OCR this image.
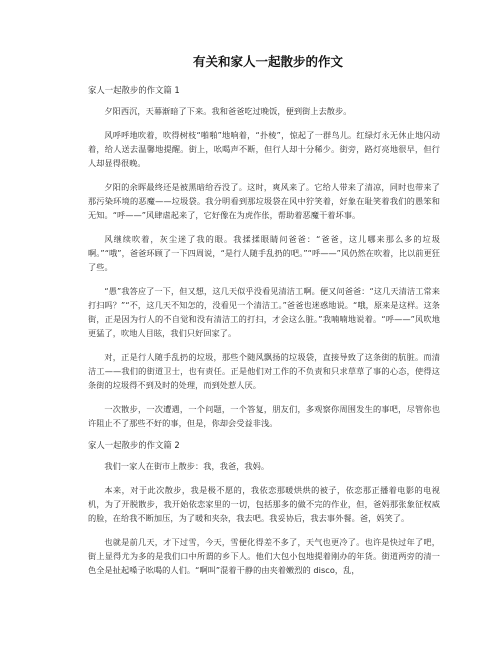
有关和家人一起散步的作文
家人一起散步的作文篇 1

夕阳西沉，天幕渐暗了下来。我和爸爸吃过晚饭，便到街上去散步。

风呼呼地吹着，吹得树枝“啪啪”地响着，“扑棱”，惊起了一群鸟儿。红绿灯永无休止地闪动着，给人送去温馨地提醒。街上，吆喝声不断，但行人却十分稀少。街旁，路灯亮地很早，但行人却显得很晚。

夕阳的余晖最终还是被黑暗给吞没了。这时，爽风来了。它给人带来了清凉，同时也带来了那污染环境的恶魔——垃圾袋。我分明看到那垃圾袋在风中狞笑着，好象在耻笑着我们的愚笨和无知。“呼——”风肆虐起来了，它好像在为虎作伥，帮助着恶魔干着坏事。

风继续吹着，灰尘迷了我的眼。我揉揉眼睛问爸爸：“爸爸，这儿哪来那么多的垃圾啊。”“哦”，爸爸环顾了一下四周说，“是行人随手乱扔的吧。”“呼——”风仍然在吹着，比以前更狂了些。

“愚”我答应了一下，但又想，这几天似乎没看见清洁工啊。便又问爸爸：“这几天清洁工常来打扫吗？”“不，这几天不知怎的，没看见一个清洁工。”爸爸也迷惑地说。“哦，原来是这样。这条街，正是因为行人的不自觉和没有清洁工的打扫，才会这么脏。”我喃喃地说着。“呼——”风吹地更猛了，吹地人目眩，我们只好回家了。

对，正是行人随手乱扔的垃圾，那些个随风飘扬的垃圾袋，直接导致了这条街的肮脏。而清洁工——我们的街道卫士，也有责任。正是他们对工作的不负责和只求草草了事的心态，使得这条街的垃圾得不到及时的处理，而到处惹人厌。

一次散步，一次遭遇，一个问题，一个答复，朋友们，多观察你周围发生的事吧，尽管你也许阻止不了那些不好的事，但是，你却会受益非浅。

家人一起散步的作文篇 2

我们一家人在街市上散步：我，我爸，我妈。

本来，对于此次散步，我是极不愿的，我依恋那暖烘烘的被子，依恋那正播着电影的电视机，为了开脱散步，我开始依恋家里的一切，包括那多的做不完的作业，但，爸妈那张象征权威的脸，在给我不断加压，为了暖和夹杂，我去吧。我妥协后，我去事外餐。爸，妈笑了。

也就是前几天，才下过雪，今天，雪便化得差不多了，天气也更冷了。也许是快过年了吧，街上显得尤为多的是我们口中所谓的乡下人。他们大包小包地提着刚办的年货。街道两旁的清一色全是扯起嗓子吆喝的人们。“啊叫”混着干静的由夹着嫩烈的 disco，乱，
